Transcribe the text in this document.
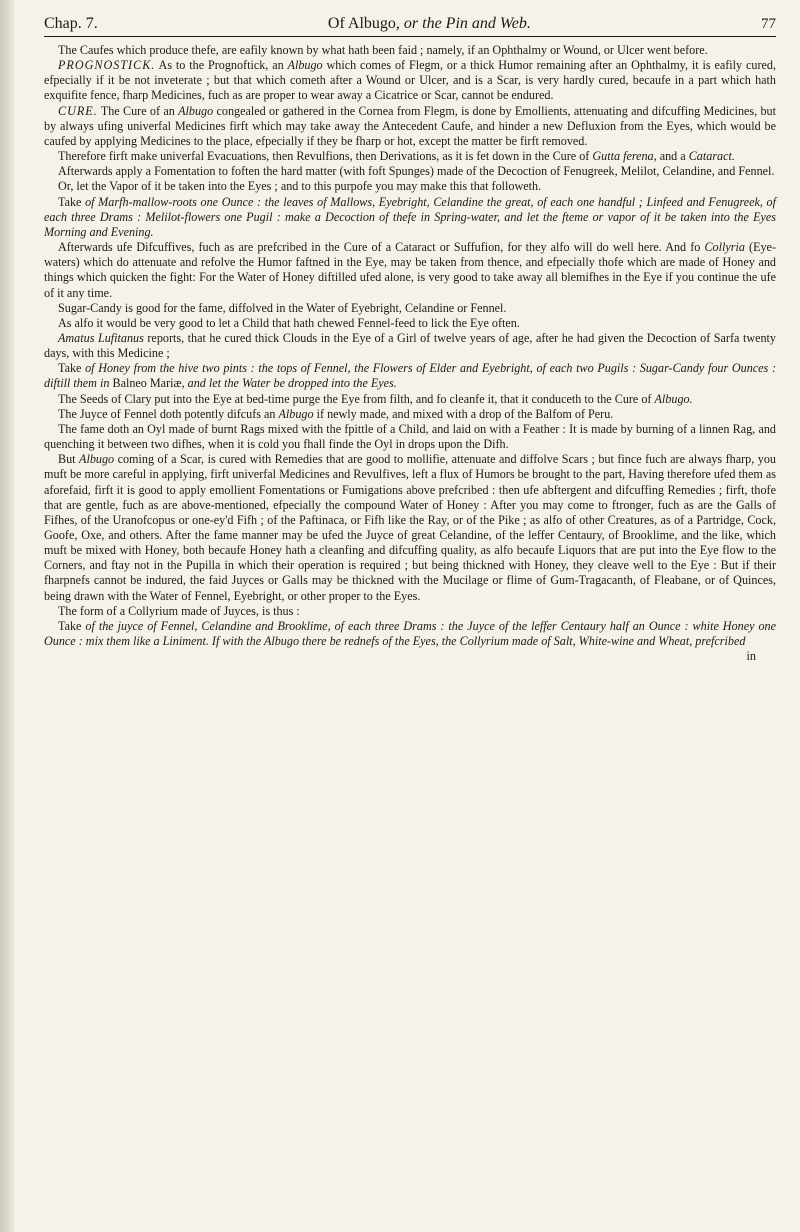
Chap. 7.	Of Albugo, or the Pin and Web.	77

The Caufes which produce thefe, are eafily known by what hath been faid ; namely, if an Ophthalmy or Wound, or Ulcer went before.

PROGNOSTICK. As to the Prognoftick, an Albugo which comes of Flegm, or a thick Humor remaining after an Ophthalmy, it is eafily cured, efpecially if it be not inveterate ; but that which cometh after a Wound or Ulcer, and is a Scar, is very hardly cured, becaufe in a part which hath exquifite fence, fharp Medicines, fuch as are proper to wear away a Cicatrice or Scar, cannot be endured.

CURE. The Cure of an Albugo congealed or gathered in the Cornea from Flegm, is done by Emollients, attenuating and difcuffing Medicines, but by always ufing univerfal Medicines firft which may take away the Antecedent Caufe, and hinder a new Defluxion from the Eyes, which would be caufed by applying Medicines to the place, efpecially if they be fharp or hot, except the matter be firft removed.

Therefore firft make univerfal Evacuations, then Revulfions, then Derivations, as it is fet down in the Cure of Gutta ferena, and a Cataract.

Afterwards apply a Fomentation to foften the hard matter (with foft Spunges) made of the Decoction of Fenugreek, Melilot, Celandine, and Fennel.

Or, let the Vapor of it be taken into the Eyes ; and to this purpofe you may make this that followeth.

Take of Marfh-mallow-roots one Ounce : the leaves of Mallows, Eyebright, Celandine the great, of each one handful ; Linfeed and Fenugreek, of each three Drams : Melilot-flowers one Pugil : make a Decoction of thefe in Spring-water, and let the fteme or vapor of it be taken into the Eyes Morning and Evening.

Afterwards ufe Difcuffives, fuch as are prefcribed in the Cure of a Cataract or Suffufion, for they alfo will do well here. And fo Collyria (Eye-waters) which do attenuate and refolve the Humor faftned in the Eye, may be taken from thence, and efpecially thofe which are made of Honey and things which quicken the fight: For the Water of Honey diftilled ufed alone, is very good to take away all blemifhes in the Eye if you continue the ufe of it any time.

Sugar-Candy is good for the fame, diffolved in the Water of Eyebright, Celandine or Fennel.

As alfo it would be very good to let a Child that hath chewed Fennel-feed to lick the Eye often.

Amatus Lufitanus reports, that he cured thick Clouds in the Eye of a Girl of twelve years of age, after he had given the Decoction of Sarfa twenty days, with this Medicine ;

Take of Honey from the hive two pints : the tops of Fennel, the Flowers of Elder and Eyebright, of each two Pugils : Sugar-Candy four Ounces : diftill them in Balneo Mariæ, and let the Water be dropped into the Eyes.

The Seeds of Clary put into the Eye at bed-time purge the Eye from filth, and fo cleanfe it, that it conduceth to the Cure of Albugo.

The Juyce of Fennel doth potently difcufs an Albugo if newly made, and mixed with a drop of the Balfom of Peru.

The fame doth an Oyl made of burnt Rags mixed with the fpittle of a Child, and laid on with a Feather : It is made by burning of a linnen Rag, and quenching it between two difhes, when it is cold you fhall finde the Oyl in drops upon the Difh.

But Albugo coming of a Scar, is cured with Remedies that are good to mollifie, attenuate and diffolve Scars ; but fince fuch are always fharp, you muft be more careful in applying, firft univerfal Medicines and Revulfives, left a flux of Humors be brought to the part, Having therefore ufed them as aforefaid, firft it is good to apply emollient Fomentations or Fumigations above prefcribed : then ufe abftergent and difcuffing Remedies ; firft, thofe that are gentle, fuch as are above-mentioned, efpecially the compound Water of Honey : After you may come to ftronger, fuch as are the Galls of Fifhes, of the Uranofcopus or one-ey'd Fifh ; of the Paftinaca, or Fifh like the Ray, or of the Pike ; as alfo of other Creatures, as of a Partridge, Cock, Goofe, Oxe, and others. After the fame manner may be ufed the Juyce of great Celandine, of the leffer Centaury, of Brooklime, and the like, which muft be mixed with Honey, both becaufe Honey hath a cleanfing and difcuffing quality, as alfo becaufe Liquors that are put into the Eye flow to the Corners, and ftay not in the Pupilla in which their operation is required ; but being thickned with Honey, they cleave well to the Eye : But if their fharpnefs cannot be indured, the faid Juyces or Galls may be thickned with the Mucilage or flime of Gum-Tragacanth, of Fleabane, or of Quinces, being drawn with the Water of Fennel, Eyebright, or other proper to the Eyes.

The form of a Collyrium made of Juyces, is thus :

Take of the juyce of Fennel, Celandine and Brooklime, of each three Drams : the Juyce of the leffer Centaury half an Ounce : white Honey one Ounce : mix them like a Liniment. If with the Albugo there be rednefs of the Eyes, the Collyrium made of Salt, White-wine and Wheat, prefcribed

in
